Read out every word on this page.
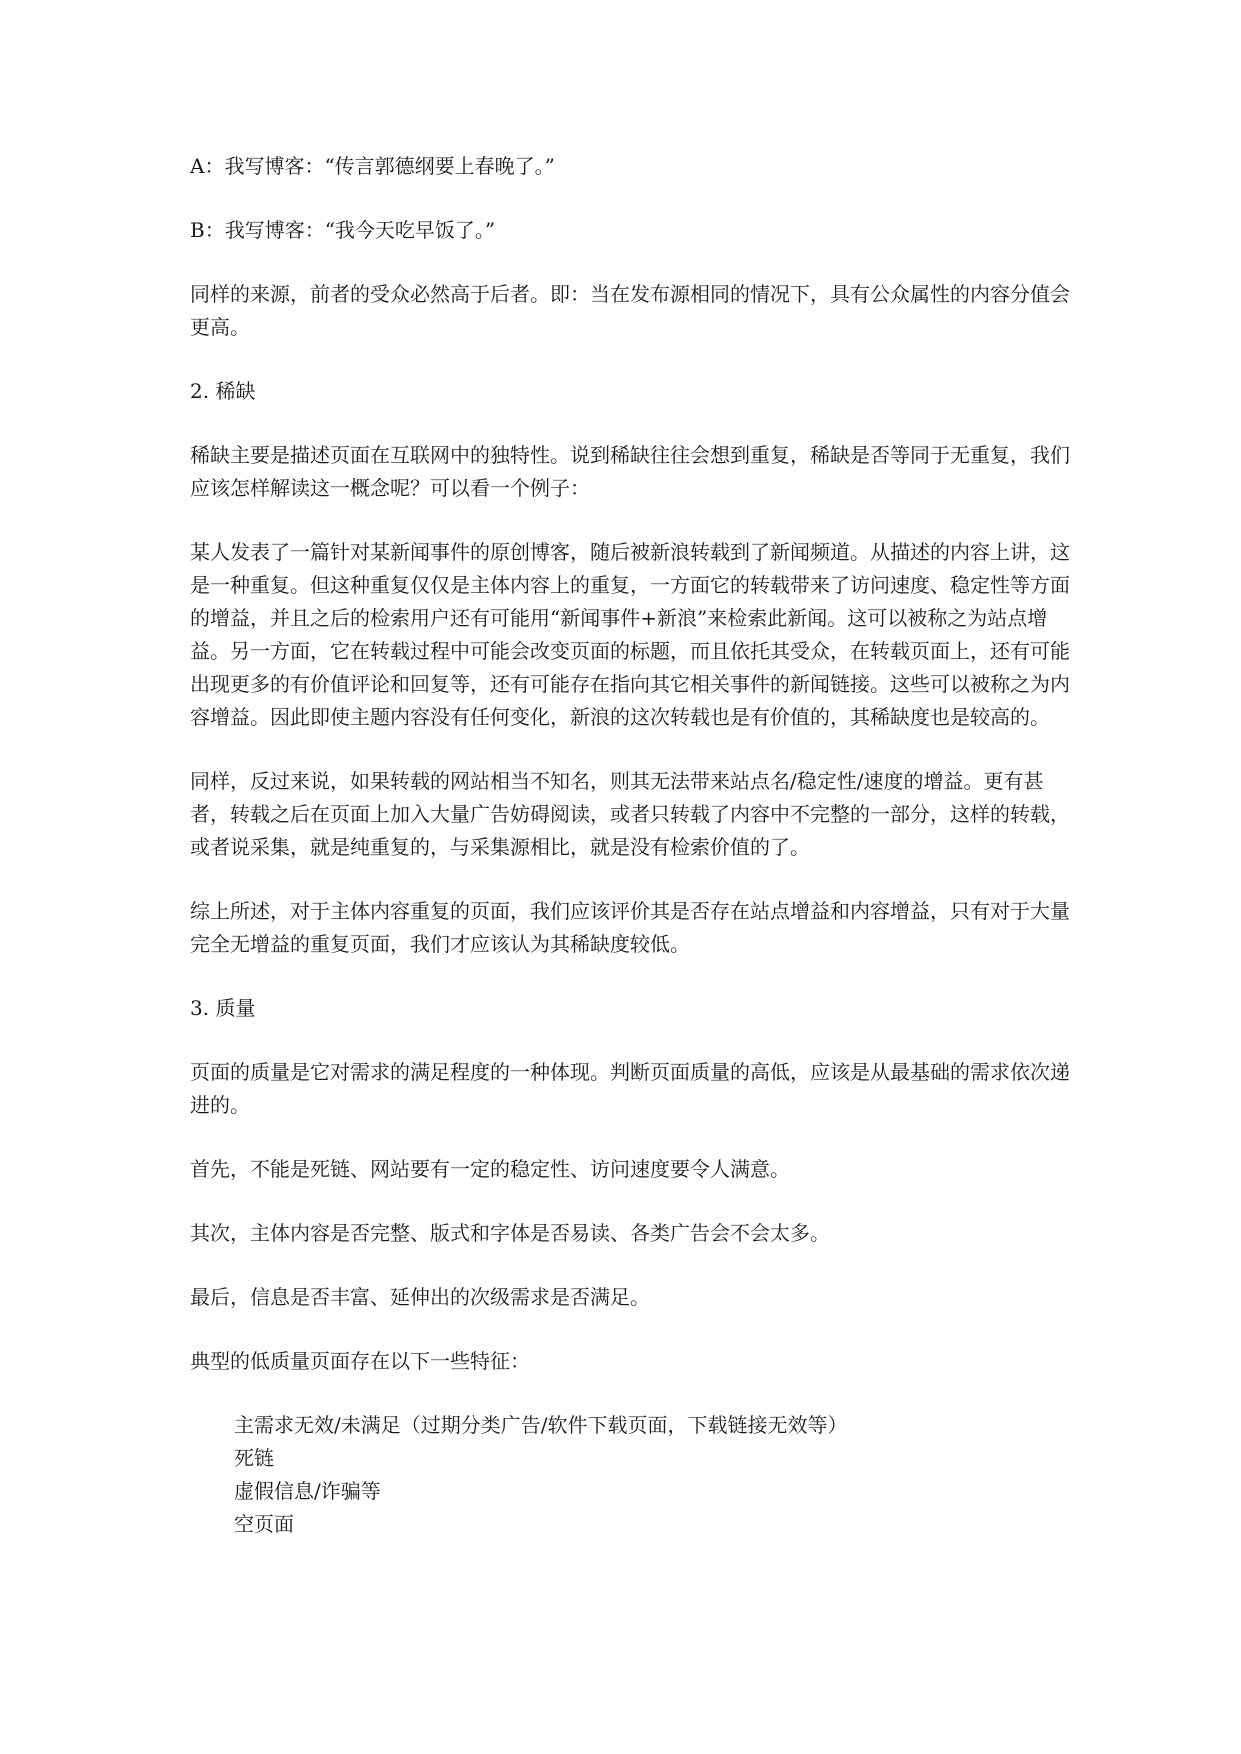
A：我写博客：“传言郭德纲要上春晚了。”

B：我写博客：“我今天吃早饭了。”

同样的来源，前者的受众必然高于后者。即：当在发布源相同的情况下，具有公众属性的内容分值会更高。

2. 稀缺

稀缺主要是描述页面在互联网中的独特性。说到稀缺往往会想到重复，稀缺是否等同于无重复，我们应该怎样解读这一概念呢？可以看一个例子：

某人发表了一篇针对某新闻事件的原创博客，随后被新浪转载到了新闻频道。从描述的内容上讲，这是一种重复。但这种重复仅仅是主体内容上的重复，一方面它的转载带来了访问速度、稳定性等方面的增益，并且之后的检索用户还有可能用“新闻事件+新浪”来检索此新闻。这可以被称之为站点增益。另一方面，它在转载过程中可能会改变页面的标题，而且依托其受众，在转载页面上，还有可能出现更多的有价值评论和回复等，还有可能存在指向其它相关事件的新闻链接。这些可以被称之为内容增益。因此即使主题内容没有任何变化，新浪的这次转载也是有价值的，其稀缺度也是较高的。

同样，反过来说，如果转载的网站相当不知名，则其无法带来站点名/稳定性/速度的增益。更有甚者，转载之后在页面上加入大量广告妨碍阅读，或者只转载了内容中不完整的一部分，这样的转载，或者说采集，就是纯重复的，与采集源相比，就是没有检索价值的了。

综上所述，对于主体内容重复的页面，我们应该评价其是否存在站点增益和内容增益，只有对于大量完全无增益的重复页面，我们才应该认为其稀缺度较低。

3. 质量

页面的质量是它对需求的满足程度的一种体现。判断页面质量的高低，应该是从最基础的需求依次递进的。

首先，不能是死链、网站要有一定的稳定性、访问速度要令人满意。

其次，主体内容是否完整、版式和字体是否易读、各类广告会不会太多。

最后，信息是否丰富、延伸出的次级需求是否满足。

典型的低质量页面存在以下一些特征：

主需求无效/未满足（过期分类广告/软件下载页面，下载链接无效等）
死链
虚假信息/诈骗等
空页面
